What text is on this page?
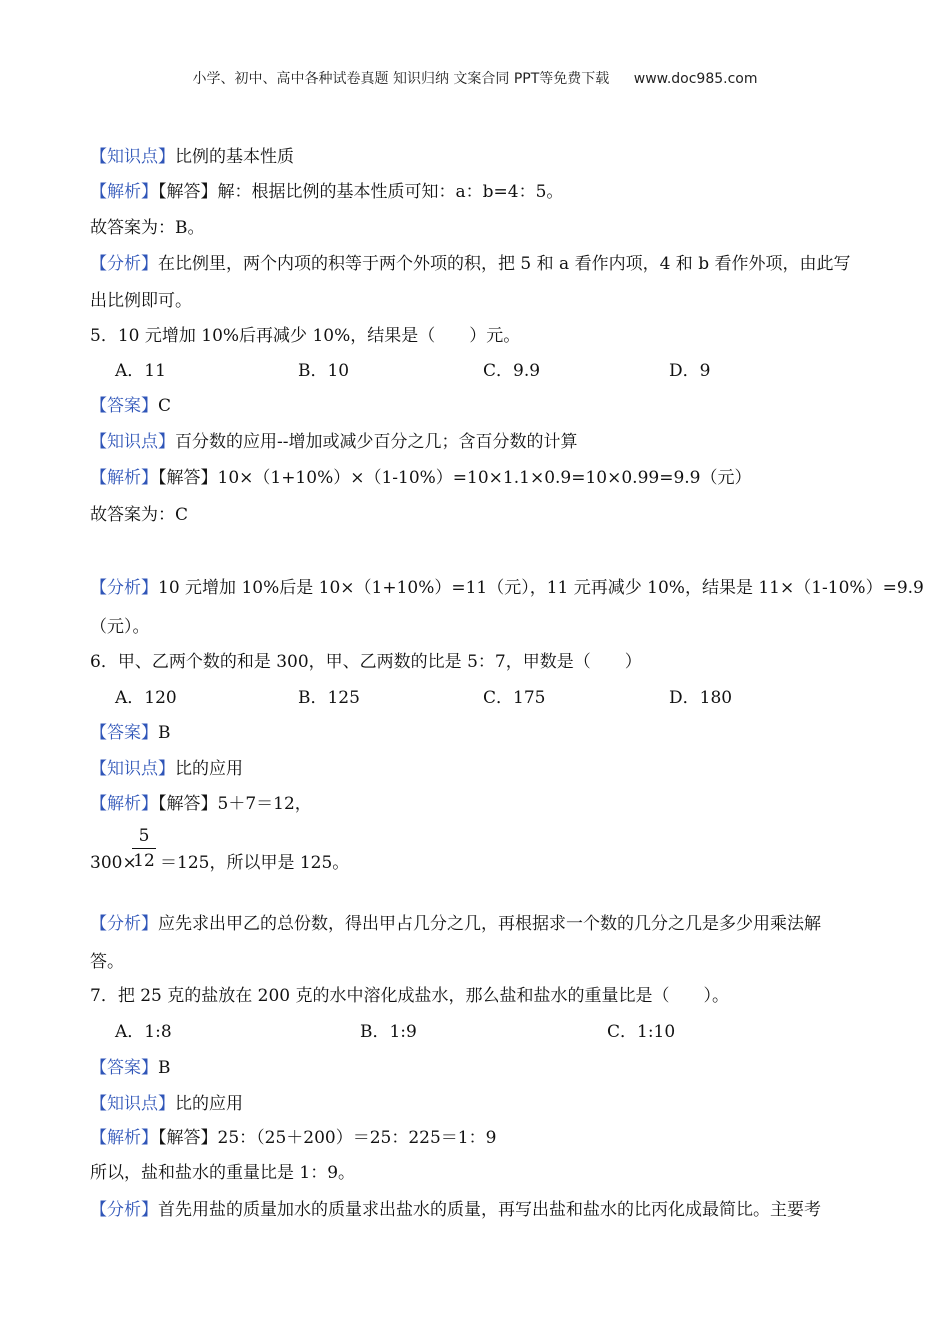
小学、初中、高中各种试卷真题 知识归纳 文案合同 PPT等免费下载 www.doc985.com
【知识点】比例的基本性质
【解析】【解答】解：根据比例的基本性质可知：a：b=4：5。
故答案为：B。
【分析】在比例里，两个内项的积等于两个外项的积，把 5 和 a 看作内项，4 和 b 看作外项，由此写
出比例即可。
5．10 元增加 10%后再减少 10%，结果是（　　）元。
A．11	B．10	C．9.9	D．9
【答案】C
【知识点】百分数的应用--增加或减少百分之几；含百分数的计算
【解析】【解答】10×（1+10%）×（1-10%）=10×1.1×0.9=10×0.99=9.9（元）
故答案为：C
【分析】10 元增加 10%后是 10×（1+10%）=11（元），11 元再减少 10%，结果是 11×（1-10%）=9.9
（元）。
6．甲、乙两个数的和是 300，甲、乙两数的比是 5：7，甲数是（　　）
A．120	B．125	C．175	D．180
【答案】B
【知识点】比的应用
【解析】【解答】5＋7＝12，
300×
$\frac{5}{12} =125$，所以甲是 125。
【分析】应先求出甲乙的总份数，得出甲占几分之几，再根据求一个数的几分之几是多少用乘法解
答。
7．把 25 克的盐放在 200 克的水中溶化成盐水，那么盐和盐水的重量比是（　　）。
A．1:8	B．1:9	C．1:10
【答案】B
【知识点】比的应用
【解析】【解答】25：（25＋200）＝25：225＝1：9
所以，盐和盐水的重量比是 1：9。
【分析】首先用盐的质量加水的质量求出盐水的质量，再写出盐和盐水的比丙化成最简比。主要考
